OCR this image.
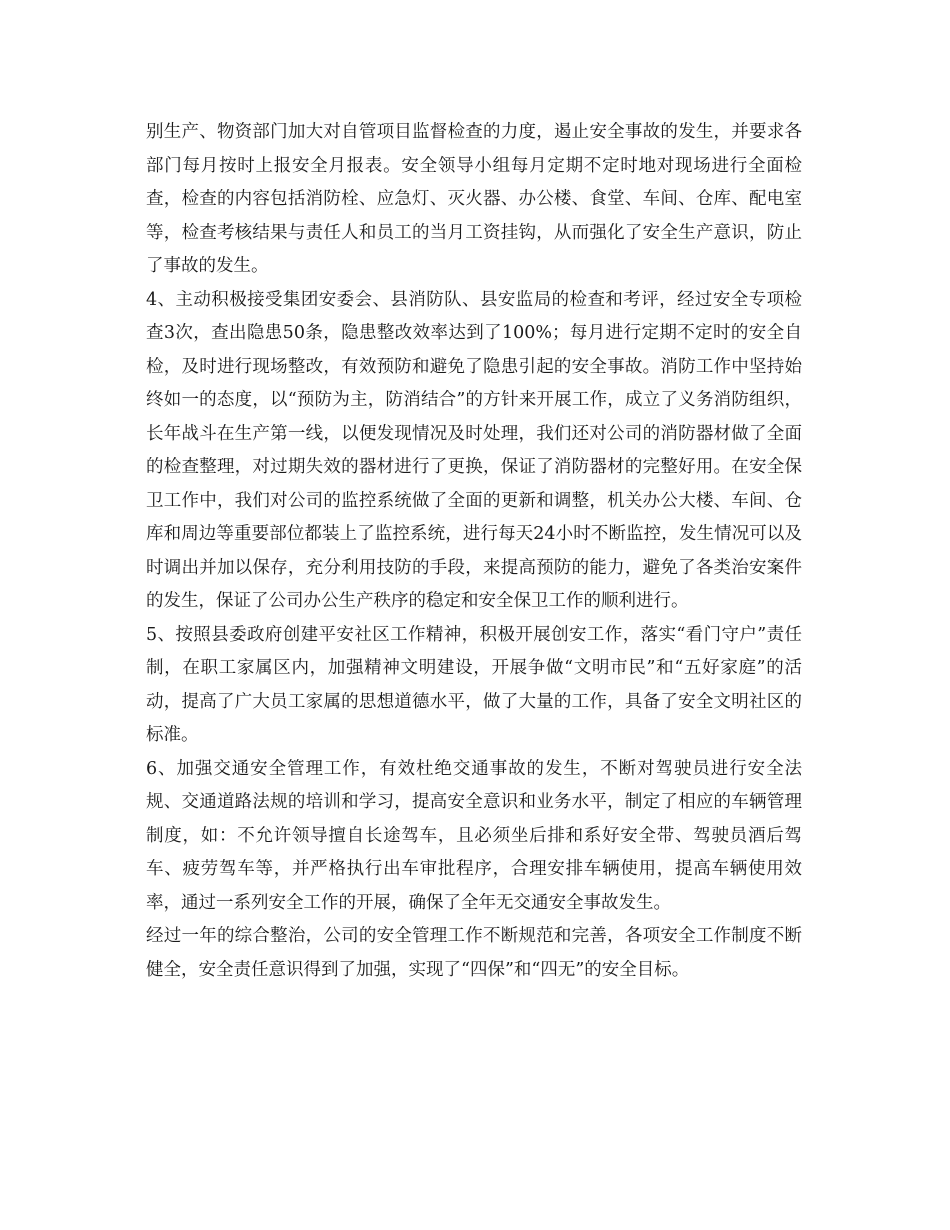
别生产、物资部门加大对自管项目监督检查的力度，遏止安全事故的发生，并要求各部门每月按时上报安全月报表。安全领导小组每月定期不定时地对现场进行全面检查，检查的内容包括消防栓、应急灯、灭火器、办公楼、食堂、车间、仓库、配电室等，检查考核结果与责任人和员工的当月工资挂钩，从而强化了安全生产意识，防止了事故的发生。

4、主动积极接受集团安委会、县消防队、县安监局的检查和考评，经过安全专项检查3次，查出隐患50条，隐患整改效率达到了100%；每月进行定期不定时的安全自检，及时进行现场整改，有效预防和避免了隐患引起的安全事故。消防工作中坚持始终如一的态度，以“预防为主，防消结合”的方针来开展工作，成立了义务消防组织，长年战斗在生产第一线，以便发现情况及时处理，我们还对公司的消防器材做了全面的检查整理，对过期失效的器材进行了更换，保证了消防器材的完整好用。在安全保卫工作中，我们对公司的监控系统做了全面的更新和调整，机关办公大楼、车间、仓库和周边等重要部位都装上了监控系统，进行每天24小时不断监控，发生情况可以及时调出并加以保存，充分利用技防的手段，来提高预防的能力，避免了各类治安案件的发生，保证了公司办公生产秩序的稳定和安全保卫工作的顺利进行。

5、按照县委政府创建平安社区工作精神，积极开展创安工作，落实“看门守户”责任制，在职工家属区内，加强精神文明建设，开展争做“文明市民”和“五好家庭”的活动，提高了广大员工家属的思想道德水平，做了大量的工作，具备了安全文明社区的标准。

6、加强交通安全管理工作，有效杜绝交通事故的发生，不断对驾驶员进行安全法规、交通道路法规的培训和学习，提高安全意识和业务水平，制定了相应的车辆管理制度，如：不允许领导擅自长途驾车，且必须坐后排和系好安全带、驾驶员酒后驾车、疲劳驾车等，并严格执行出车审批程序，合理安排车辆使用，提高车辆使用效率，通过一系列安全工作的开展，确保了全年无交通安全事故发生。

经过一年的综合整治，公司的安全管理工作不断规范和完善，各项安全工作制度不断健全，安全责任意识得到了加强，实现了“四保”和“四无”的安全目标。
